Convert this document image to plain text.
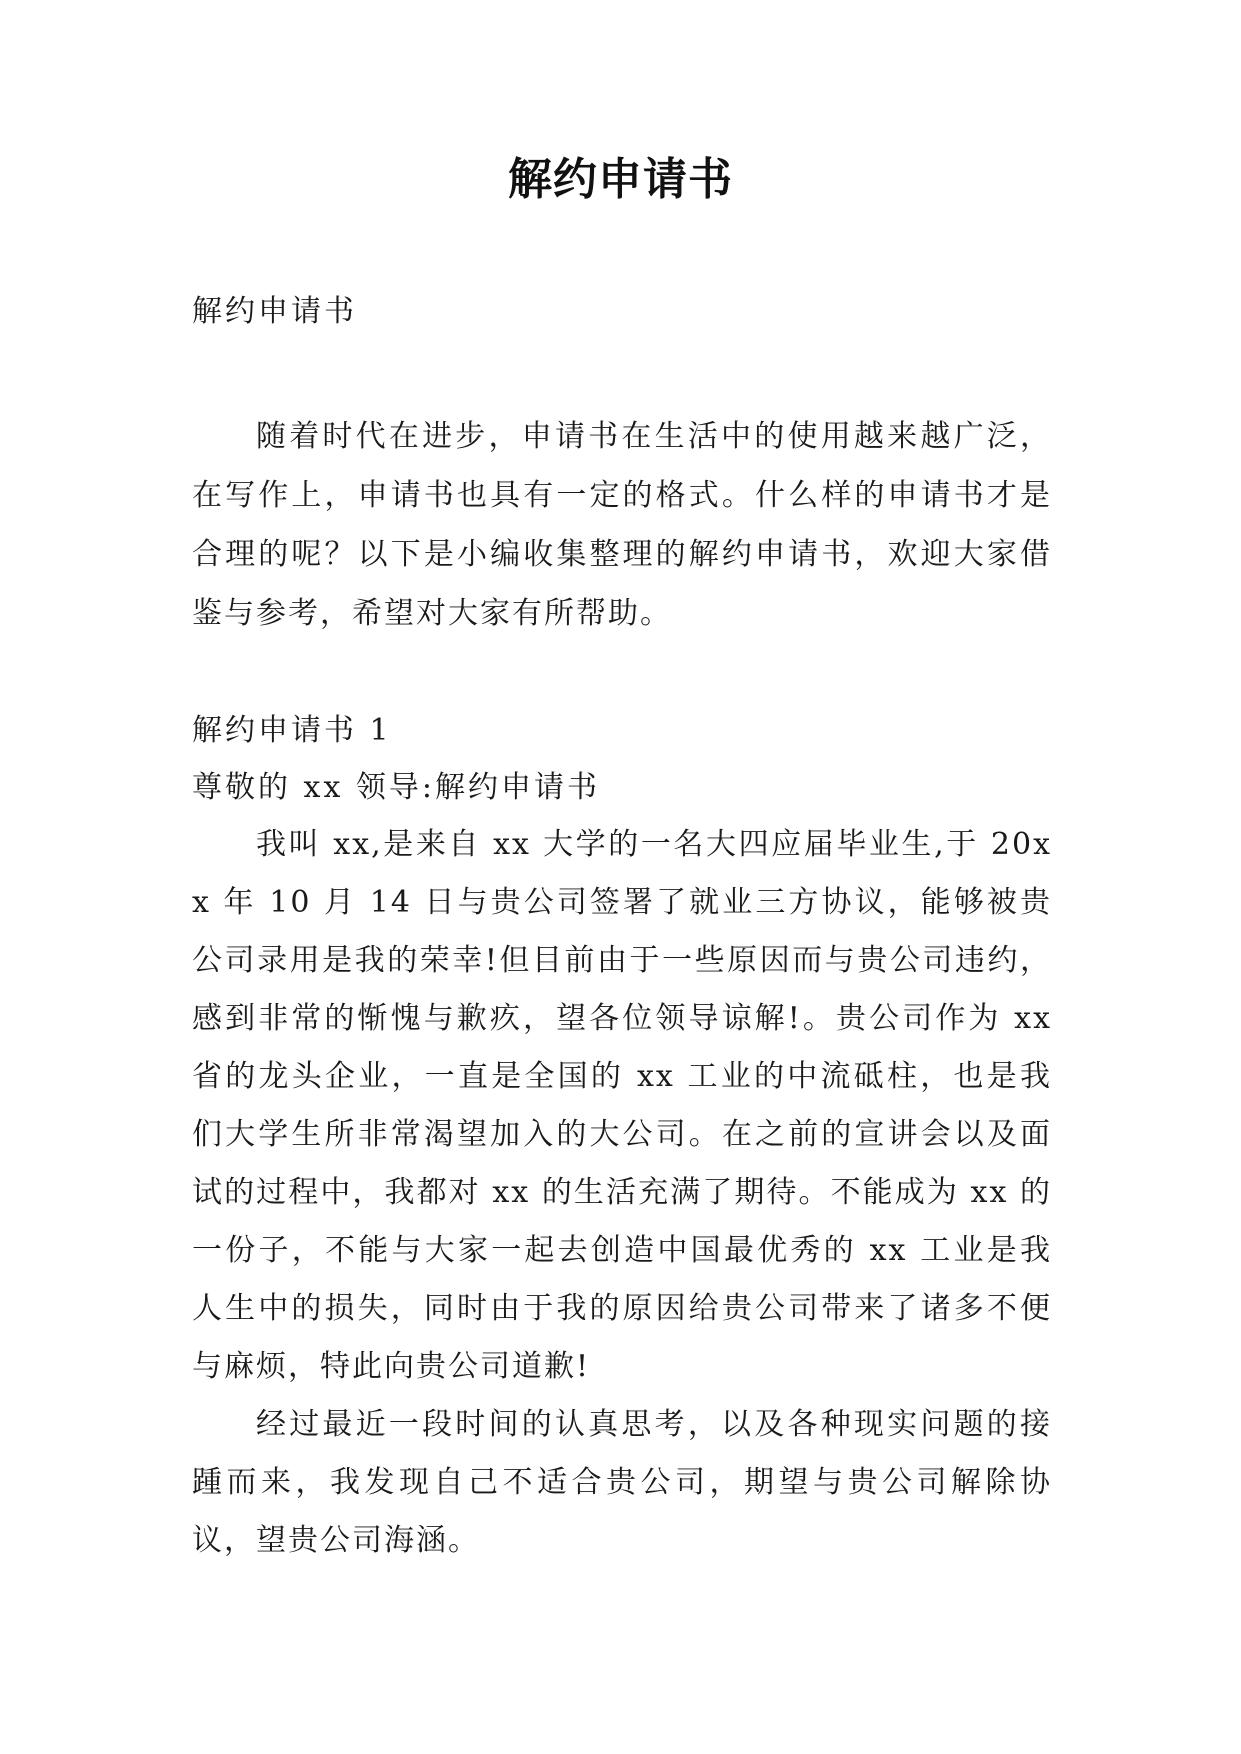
解约申请书
解约申请书

随着时代在进步，申请书在生活中的使用越来越广泛，在写作上，申请书也具有一定的格式。什么样的申请书才是合理的呢？以下是小编收集整理的解约申请书，欢迎大家借鉴与参考，希望对大家有所帮助。

解约申请书 1

尊敬的 xx 领导:解约申请书

我叫 xx,是来自 xx 大学的一名大四应届毕业生,于 20xx 年 10 月 14 日与贵公司签署了就业三方协议，能够被贵公司录用是我的荣幸!但目前由于一些原因而与贵公司违约，感到非常的惭愧与歉疚，望各位领导谅解!。贵公司作为 xx 省的龙头企业，一直是全国的 xx 工业的中流砥柱，也是我们大学生所非常渴望加入的大公司。在之前的宣讲会以及面试的过程中，我都对 xx 的生活充满了期待。不能成为 xx 的一份子，不能与大家一起去创造中国最优秀的 xx 工业是我人生中的损失，同时由于我的原因给贵公司带来了诸多不便与麻烦，特此向贵公司道歉!

经过最近一段时间的认真思考，以及各种现实问题的接踵而来，我发现自己不适合贵公司，期望与贵公司解除协议，望贵公司海涵。
